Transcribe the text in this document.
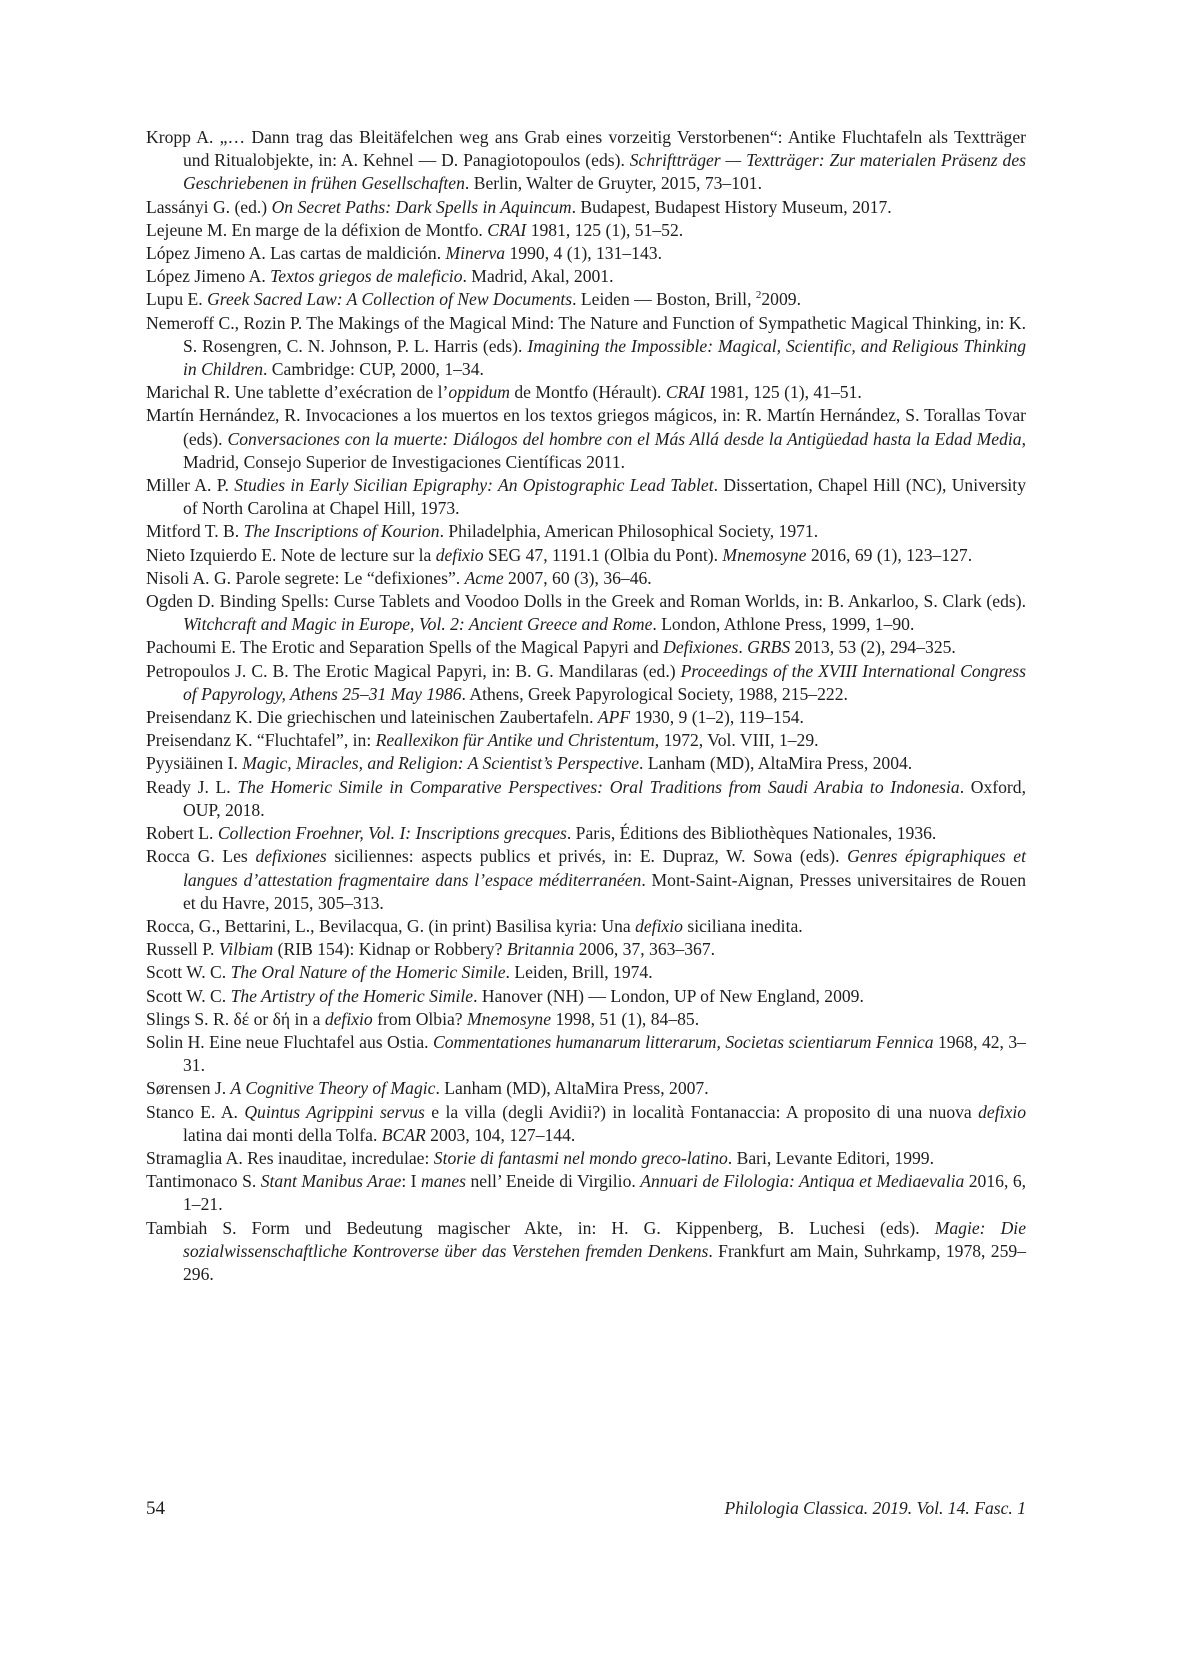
Kropp A. „… Dann trag das Bleitäfelchen weg ans Grab eines vorzeitig Verstorbenen“: Antike Fluchtafeln als Textträger und Ritualobjekte, in: A. Kehnel — D. Panagiotopoulos (eds). Schriftträger — Textträger: Zur materialen Präsenz des Geschriebenen in frühen Gesellschaften. Berlin, Walter de Gruyter, 2015, 73–101.

Lassányi G. (ed.) On Secret Paths: Dark Spells in Aquincum. Budapest, Budapest History Museum, 2017.

Lejeune M. En marge de la défixion de Montfo. CRAI 1981, 125 (1), 51–52.

López Jimeno A. Las cartas de maldición. Minerva 1990, 4 (1), 131–143.

López Jimeno A. Textos griegos de maleficio. Madrid, Akal, 2001.

Lupu E. Greek Sacred Law: A Collection of New Documents. Leiden — Boston, Brill, $^2$2009.

Nemeroff C., Rozin P. The Makings of the Magical Mind: The Nature and Function of Sympathetic Magical Thinking, in: K. S. Rosengren, C. N. Johnson, P. L. Harris (eds). Imagining the Impossible: Magical, Scientific, and Religious Thinking in Children. Cambridge: CUP, 2000, 1–34.

Marichal R. Une tablette d’exécration de l’oppidum de Montfo (Hérault). CRAI 1981, 125 (1), 41–51.

Martín Hernández, R. Invocaciones a los muertos en los textos griegos mágicos, in: R. Martín Hernández, S. Torallas Tovar (eds). Conversaciones con la muerte: Diálogos del hombre con el Más Allá desde la Antigüedad hasta la Edad Media, Madrid, Consejo Superior de Investigaciones Científicas 2011.

Miller A. P. Studies in Early Sicilian Epigraphy: An Opistographic Lead Tablet. Dissertation, Chapel Hill (NC), University of North Carolina at Chapel Hill, 1973.

Mitford T. B. The Inscriptions of Kourion. Philadelphia, American Philosophical Society, 1971.

Nieto Izquierdo E. Note de lecture sur la defixio SEG 47, 1191.1 (Olbia du Pont). Mnemosyne 2016, 69 (1), 123–127.

Nisoli A. G. Parole segrete: Le “defixiones”. Acme 2007, 60 (3), 36–46.

Ogden D. Binding Spells: Curse Tablets and Voodoo Dolls in the Greek and Roman Worlds, in: B. Ankarloo, S. Clark (eds). Witchcraft and Magic in Europe, Vol. 2: Ancient Greece and Rome. London, Athlone Press, 1999, 1–90.

Pachoumi E. The Erotic and Separation Spells of the Magical Papyri and Defixiones. GRBS 2013, 53 (2), 294–325.

Petropoulos J. C. B. The Erotic Magical Papyri, in: B. G. Mandilaras (ed.) Proceedings of the XVIII International Congress of Papyrology, Athens 25–31 May 1986. Athens, Greek Papyrological Society, 1988, 215–222.

Preisendanz K. Die griechischen und lateinischen Zaubertafeln. APF 1930, 9 (1–2), 119–154.

Preisendanz K. “Fluchtafel”, in: Reallexikon für Antike und Christentum, 1972, Vol. VIII, 1–29.

Pyysiäinen I. Magic, Miracles, and Religion: A Scientist’s Perspective. Lanham (MD), AltaMira Press, 2004.

Ready J. L. The Homeric Simile in Comparative Perspectives: Oral Traditions from Saudi Arabia to Indonesia. Oxford, OUP, 2018.

Robert L. Collection Froehner, Vol. I: Inscriptions grecques. Paris, Éditions des Bibliothèques Nationales, 1936.

Rocca G. Les defixiones siciliennes: aspects publics et privés, in: E. Dupraz, W. Sowa (eds). Genres épigraphiques et langues d’attestation fragmentaire dans l’espace méditerranéen. Mont-Saint-Aignan, Presses universitaires de Rouen et du Havre, 2015, 305–313.

Rocca, G., Bettarini, L., Bevilacqua, G. (in print) Basilisa kyria: Una defixio siciliana inedita.

Russell P. Vilbiam (RIB 154): Kidnap or Robbery? Britannia 2006, 37, 363–367.

Scott W. C. The Oral Nature of the Homeric Simile. Leiden, Brill, 1974.

Scott W. C. The Artistry of the Homeric Simile. Hanover (NH) — London, UP of New England, 2009.

Slings S. R. δέ or δή in a defixio from Olbia? Mnemosyne 1998, 51 (1), 84–85.

Solin H. Eine neue Fluchtafel aus Ostia. Commentationes humanarum litterarum, Societas scientiarum Fennica 1968, 42, 3–31.

Sørensen J. A Cognitive Theory of Magic. Lanham (MD), AltaMira Press, 2007.

Stanco E. A. Quintus Agrippini servus e la villa (degli Avidii?) in località Fontanaccia: A proposito di una nuova defixio latina dai monti della Tolfa. BCAR 2003, 104, 127–144.

Stramaglia A. Res inauditae, incredulae: Storie di fantasmi nel mondo greco-latino. Bari, Levante Editori, 1999.

Tantimonaco S. Stant Manibus Arae: I manes nell’ Eneide di Virgilio. Annuari de Filologia: Antiqua et Mediaevalia 2016, 6, 1–21.

Tambiah S. Form und Bedeutung magischer Akte, in: H. G. Kippenberg, B. Luchesi (eds). Magie: Die sozialwissenschaftliche Kontroverse über das Verstehen fremden Denkens. Frankfurt am Main, Suhrkamp, 1978, 259–296.

54	Philologia Classica. 2019. Vol. 14. Fasc. 1
